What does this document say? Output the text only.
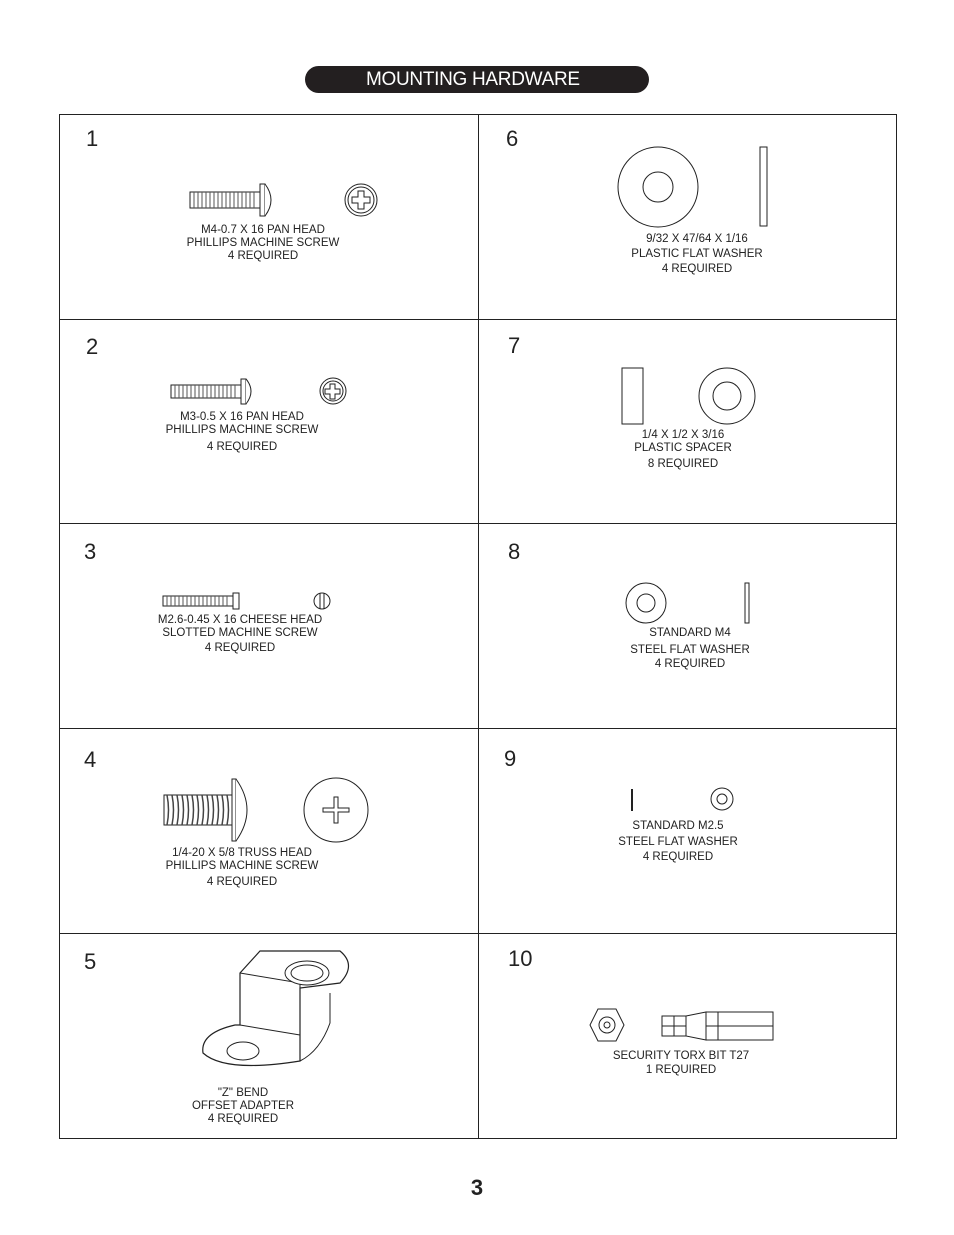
MOUNTING HARDWARE
1
M4-0.7 X 16 PAN HEAD
PHILLIPS MACHINE SCREW
4 REQUIRED
2
M3-0.5 X 16 PAN HEAD
PHILLIPS MACHINE SCREW
4 REQUIRED
3
M2.6-0.45 X 16 CHEESE HEAD
SLOTTED MACHINE SCREW
4 REQUIRED
4
1/4-20 X 5/8 TRUSS HEAD
PHILLIPS MACHINE SCREW
4 REQUIRED
5
"Z" BEND
OFFSET ADAPTER
4 REQUIRED
6
9/32 X 47/64 X 1/16
PLASTIC FLAT WASHER
4 REQUIRED
7
1/4 X 1/2 X 3/16
PLASTIC SPACER
8 REQUIRED
8
STANDARD M4
STEEL FLAT WASHER
4 REQUIRED
9
STANDARD M2.5
STEEL FLAT WASHER
4 REQUIRED
10
SECURITY TORX BIT T27
1 REQUIRED
3
